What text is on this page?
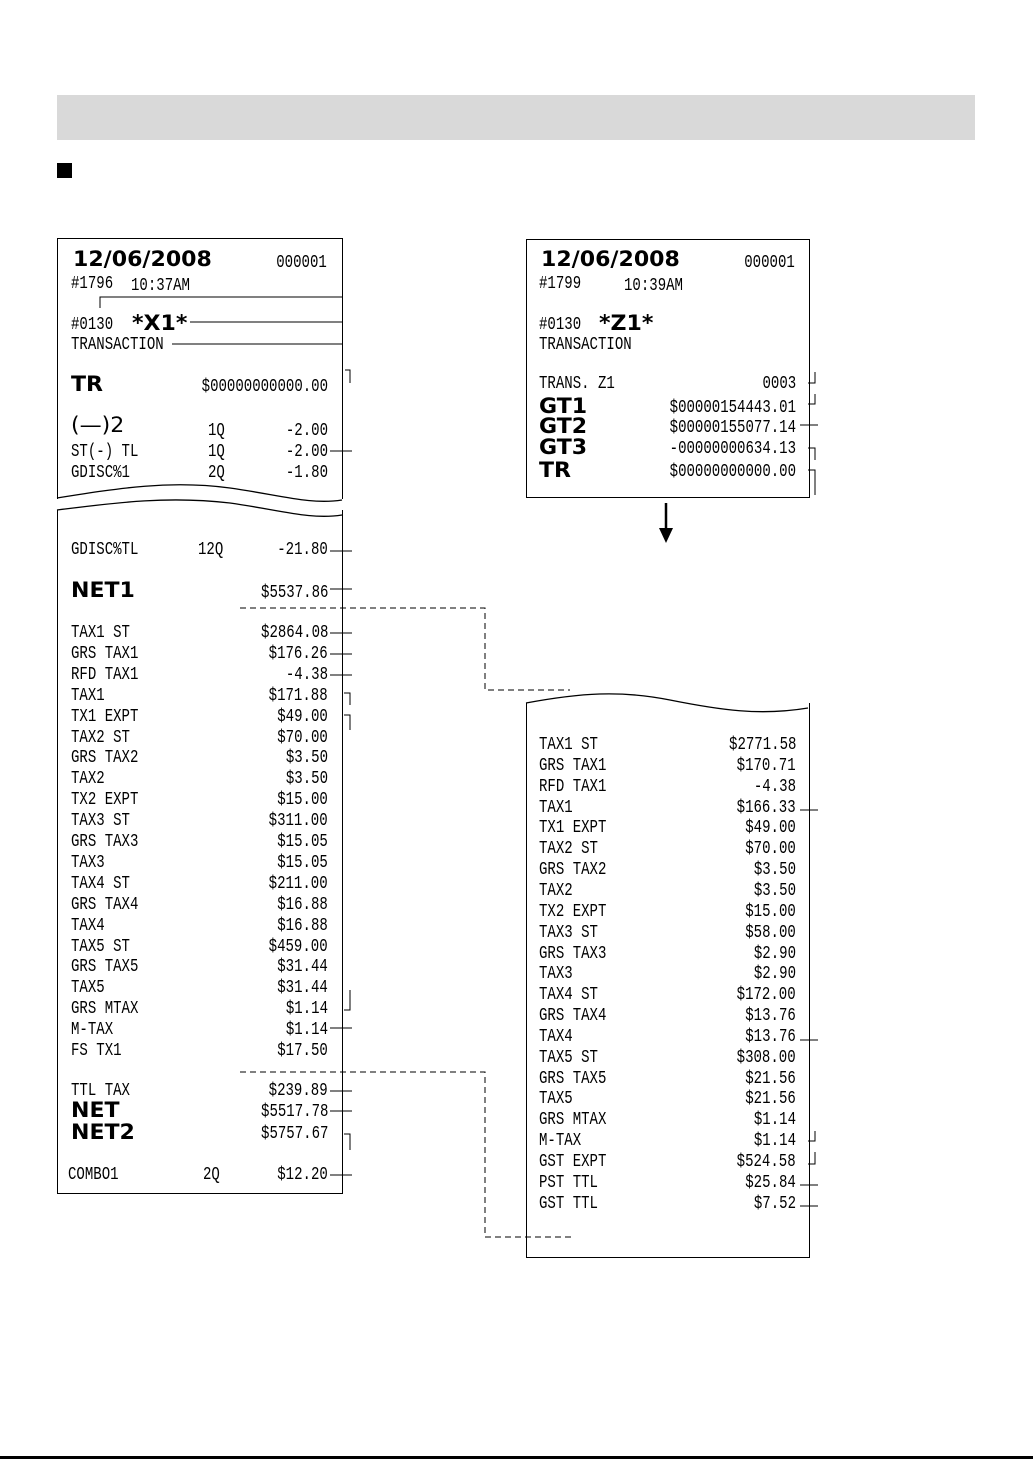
12/06/2008	000001
#1796 10:37AM
#0130 *X1*
TRANSACTION
TR	$00000000000.00
(—)2	1Q	-2.00
ST(-) TL	1Q	-2.00
GDISC%1	2Q	-1.80
GDISC%TL	12Q	-21.80
NET1	$5537.86
TAX1 ST	$2864.08
GRS TAX1	$176.26
RFD TAX1	-4.38
TAX1	$171.88
TX1 EXPT	$49.00
TAX2 ST	$70.00
GRS TAX2	$3.50
TAX2	$3.50
TX2 EXPT	$15.00
TAX3 ST	$311.00
GRS TAX3	$15.05
TAX3	$15.05
TAX4 ST	$211.00
GRS TAX4	$16.88
TAX4	$16.88
TAX5 ST	$459.00
GRS TAX5	$31.44
TAX5	$31.44
GRS MTAX	$1.14
M-TAX	$1.14
FS TX1	$17.50
TTL TAX	$239.89
NET	$5517.78
NET2	$5757.67
COMBO1	2Q	$12.20
12/06/2008	000001
#1799 10:39AM
#0130 *Z1*
TRANSACTION
TRANS. Z1	0003
GT1	$00000154443.01
GT2	$00000155077.14
GT3	-00000000634.13
TR	$00000000000.00
TAX1 ST	$2771.58
GRS TAX1	$170.71
RFD TAX1	-4.38
TAX1	$166.33
TX1 EXPT	$49.00
TAX2 ST	$70.00
GRS TAX2	$3.50
TAX2	$3.50
TX2 EXPT	$15.00
TAX3 ST	$58.00
GRS TAX3	$2.90
TAX3	$2.90
TAX4 ST	$172.00
GRS TAX4	$13.76
TAX4	$13.76
TAX5 ST	$308.00
GRS TAX5	$21.56
TAX5	$21.56
GRS MTAX	$1.14
M-TAX	$1.14
GST EXPT	$524.58
PST TTL	$25.84
GST TTL	$7.52
